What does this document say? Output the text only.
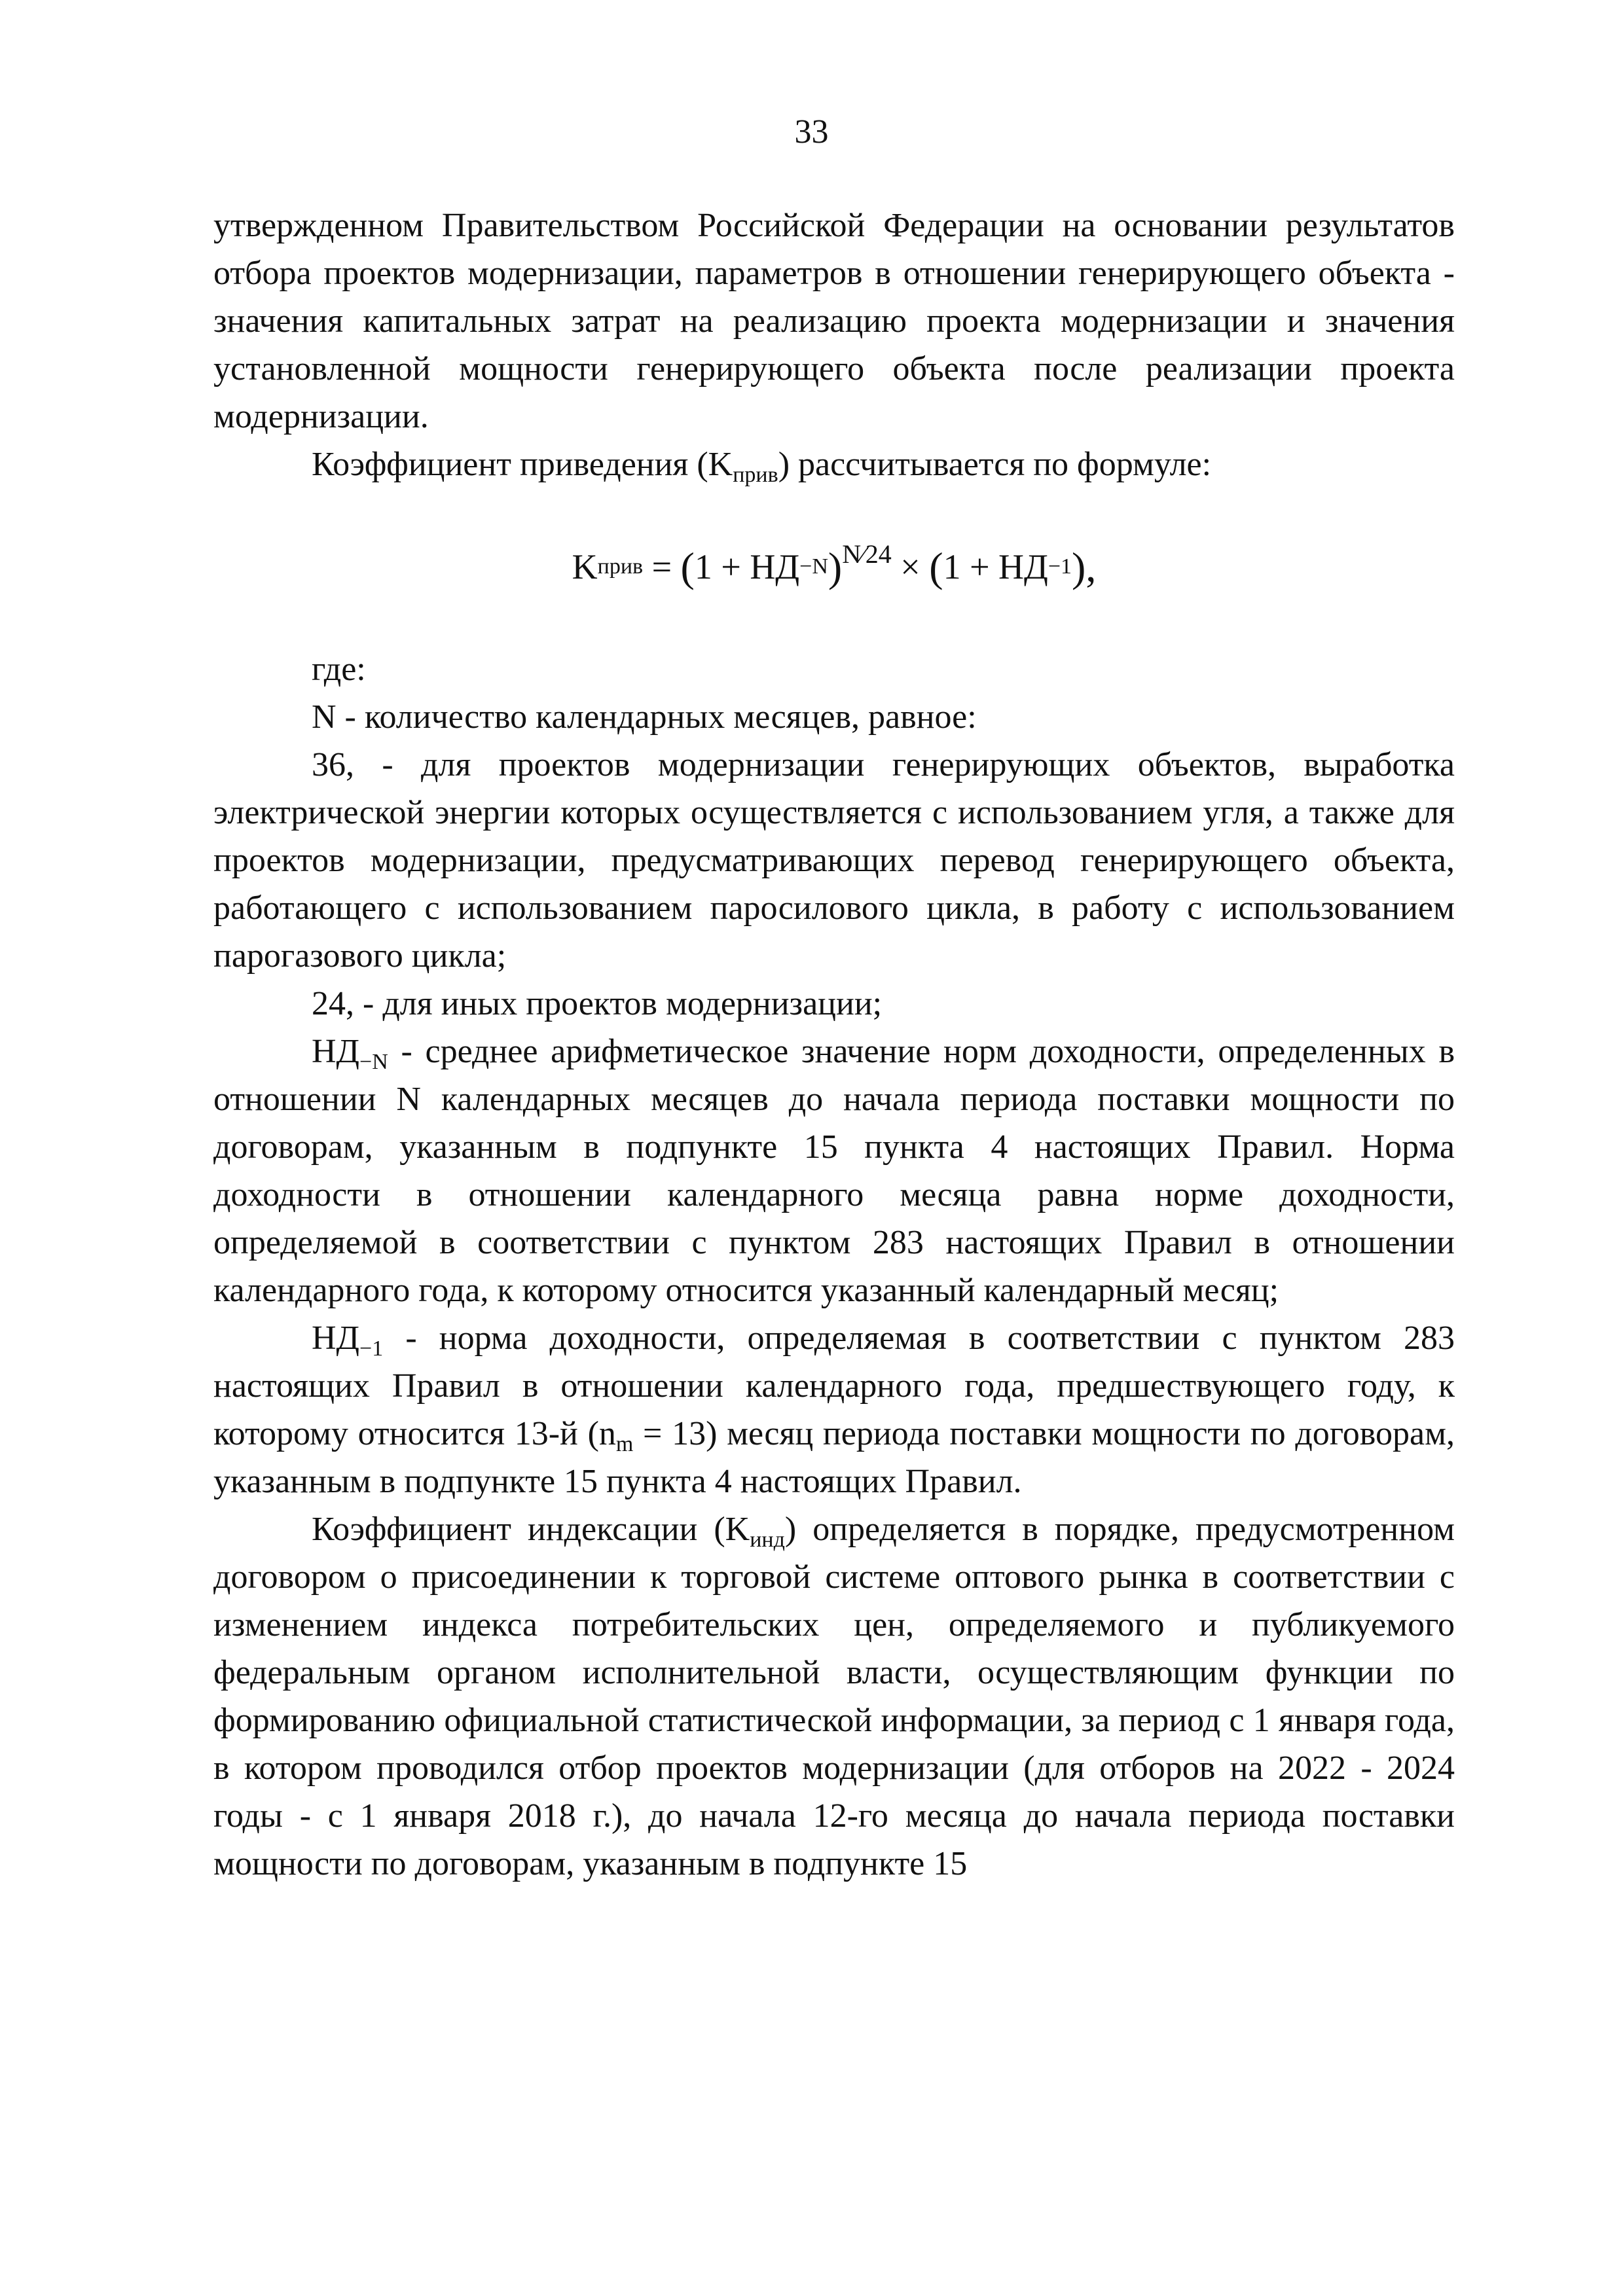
33

утвержденном Правительством Российской Федерации на основании результатов отбора проектов модернизации, параметров в отношении генерирующего объекта - значения капитальных затрат на реализацию проекта модернизации и значения установленной мощности генерирующего объекта после реализации проекта модернизации.

Коэффициент приведения $(K_{прив})$ рассчитывается по формуле:

K прив = ( 1 + НД −N ) N⁄24 × ( 1 + НД −1 ),

где:

N - количество календарных месяцев, равное:

36, - для проектов модернизации генерирующих объектов, выработка электрической энергии которых осуществляется с использованием угля, а также для проектов модернизации, предусматривающих перевод генерирующего объекта, работающего с использованием паросилового цикла, в работу с использованием парогазового цикла;

24, - для иных проектов модернизации;

$НД_{-N}$ - среднее арифметическое значение норм доходности, определенных в отношении N календарных месяцев до начала периода поставки мощности по договорам, указанным в подпункте 15 пункта 4 настоящих Правил. Норма доходности в отношении календарного месяца равна норме доходности, определяемой в соответствии с пунктом 283 настоящих Правил в отношении календарного года, к которому относится указанный календарный месяц;

$НД_{-1}$ - норма доходности, определяемая в соответствии с пунктом 283 настоящих Правил в отношении календарного года, предшествующего году, к которому относится 13-й $(n_m = 13)$ месяц периода поставки мощности по договорам, указанным в подпункте 15 пункта 4 настоящих Правил.

Коэффициент индексации $(K_{инд})$ определяется в порядке, предусмотренном договором о присоединении к торговой системе оптового рынка в соответствии с изменением индекса потребительских цен, определяемого и публикуемого федеральным органом исполнительной власти, осуществляющим функции по формированию официальной статистической информации, за период с 1 января года, в котором проводился отбор проектов модернизации (для отборов на 2022 - 2024 годы - с 1 января 2018 г.), до начала 12-го месяца до начала периода поставки мощности по договорам, указанным в подпункте 15
